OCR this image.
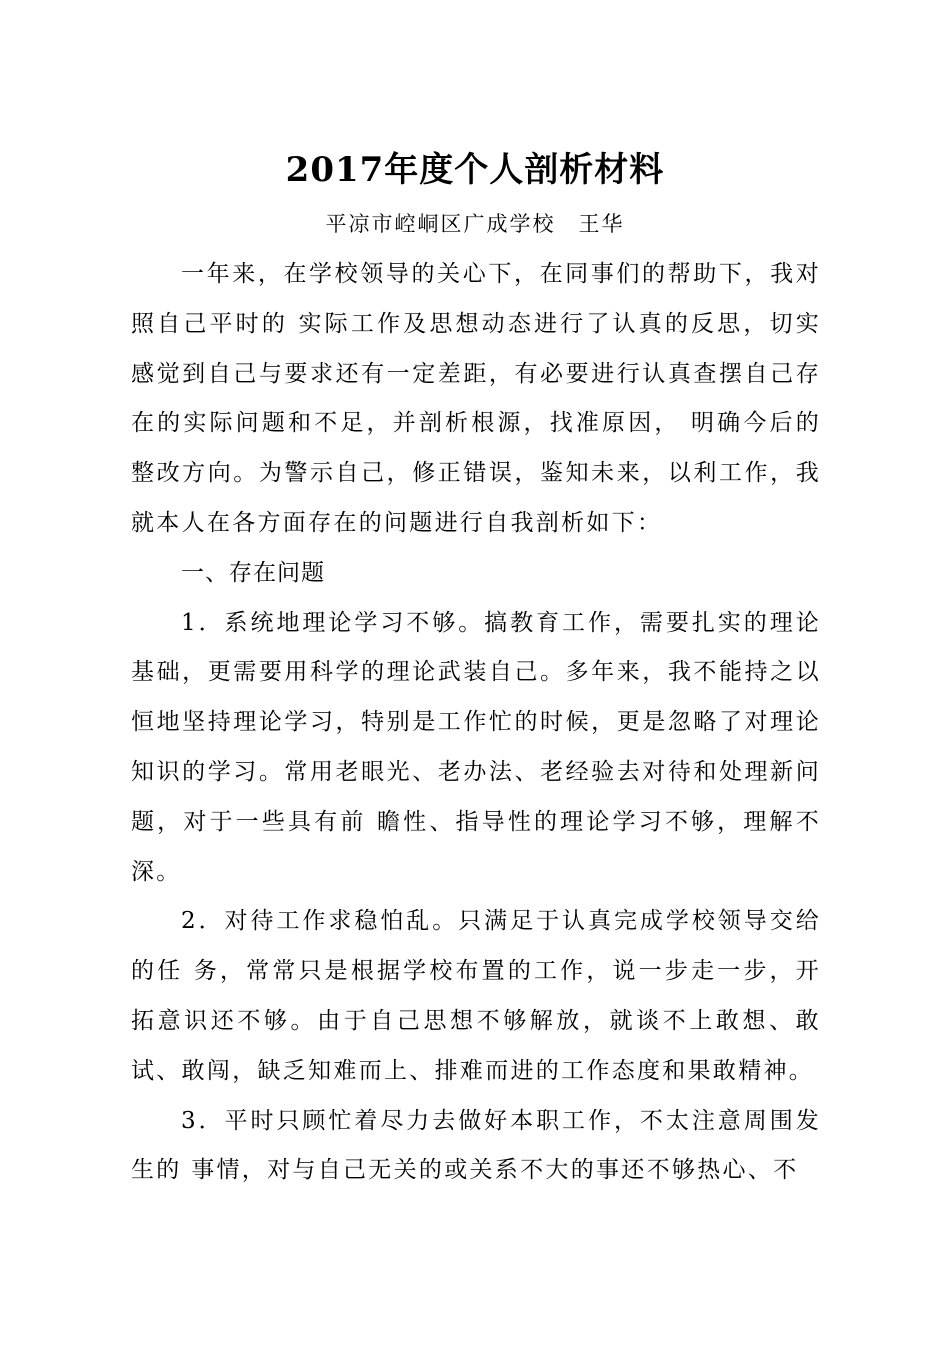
2017年度个人剖析材料
平凉市崆峒区广成学校　王华

一年来，在学校领导的关心下，在同事们的帮助下，我对照自己平时的 实际工作及思想动态进行了认真的反思，切实感觉到自己与要求还有一定差距，有必要进行认真查摆自己存在的实际问题和不足，并剖析根源，找准原因， 明确今后的整改方向。为警示自己，修正错误，鉴知未来，以利工作，我就本人在各方面存在的问题进行自我剖析如下：

一、存在问题

1．系统地理论学习不够。搞教育工作，需要扎实的理论基础，更需要用科学的理论武装自己。多年来，我不能持之以恒地坚持理论学习，特别是工作忙的时候，更是忽略了对理论知识的学习。常用老眼光、老办法、老经验去对待和处理新问题，对于一些具有前 瞻性、指导性的理论学习不够，理解不深。

2．对待工作求稳怕乱。只满足于认真完成学校领导交给的任 务，常常只是根据学校布置的工作，说一步走一步，开拓意识还不够。由于自己思想不够解放，就谈不上敢想、敢试、敢闯，缺乏知难而上、排难而进的工作态度和果敢精神。

3．平时只顾忙着尽力去做好本职工作，不太注意周围发生的 事情，对与自己无关的或关系不大的事还不够热心、不
